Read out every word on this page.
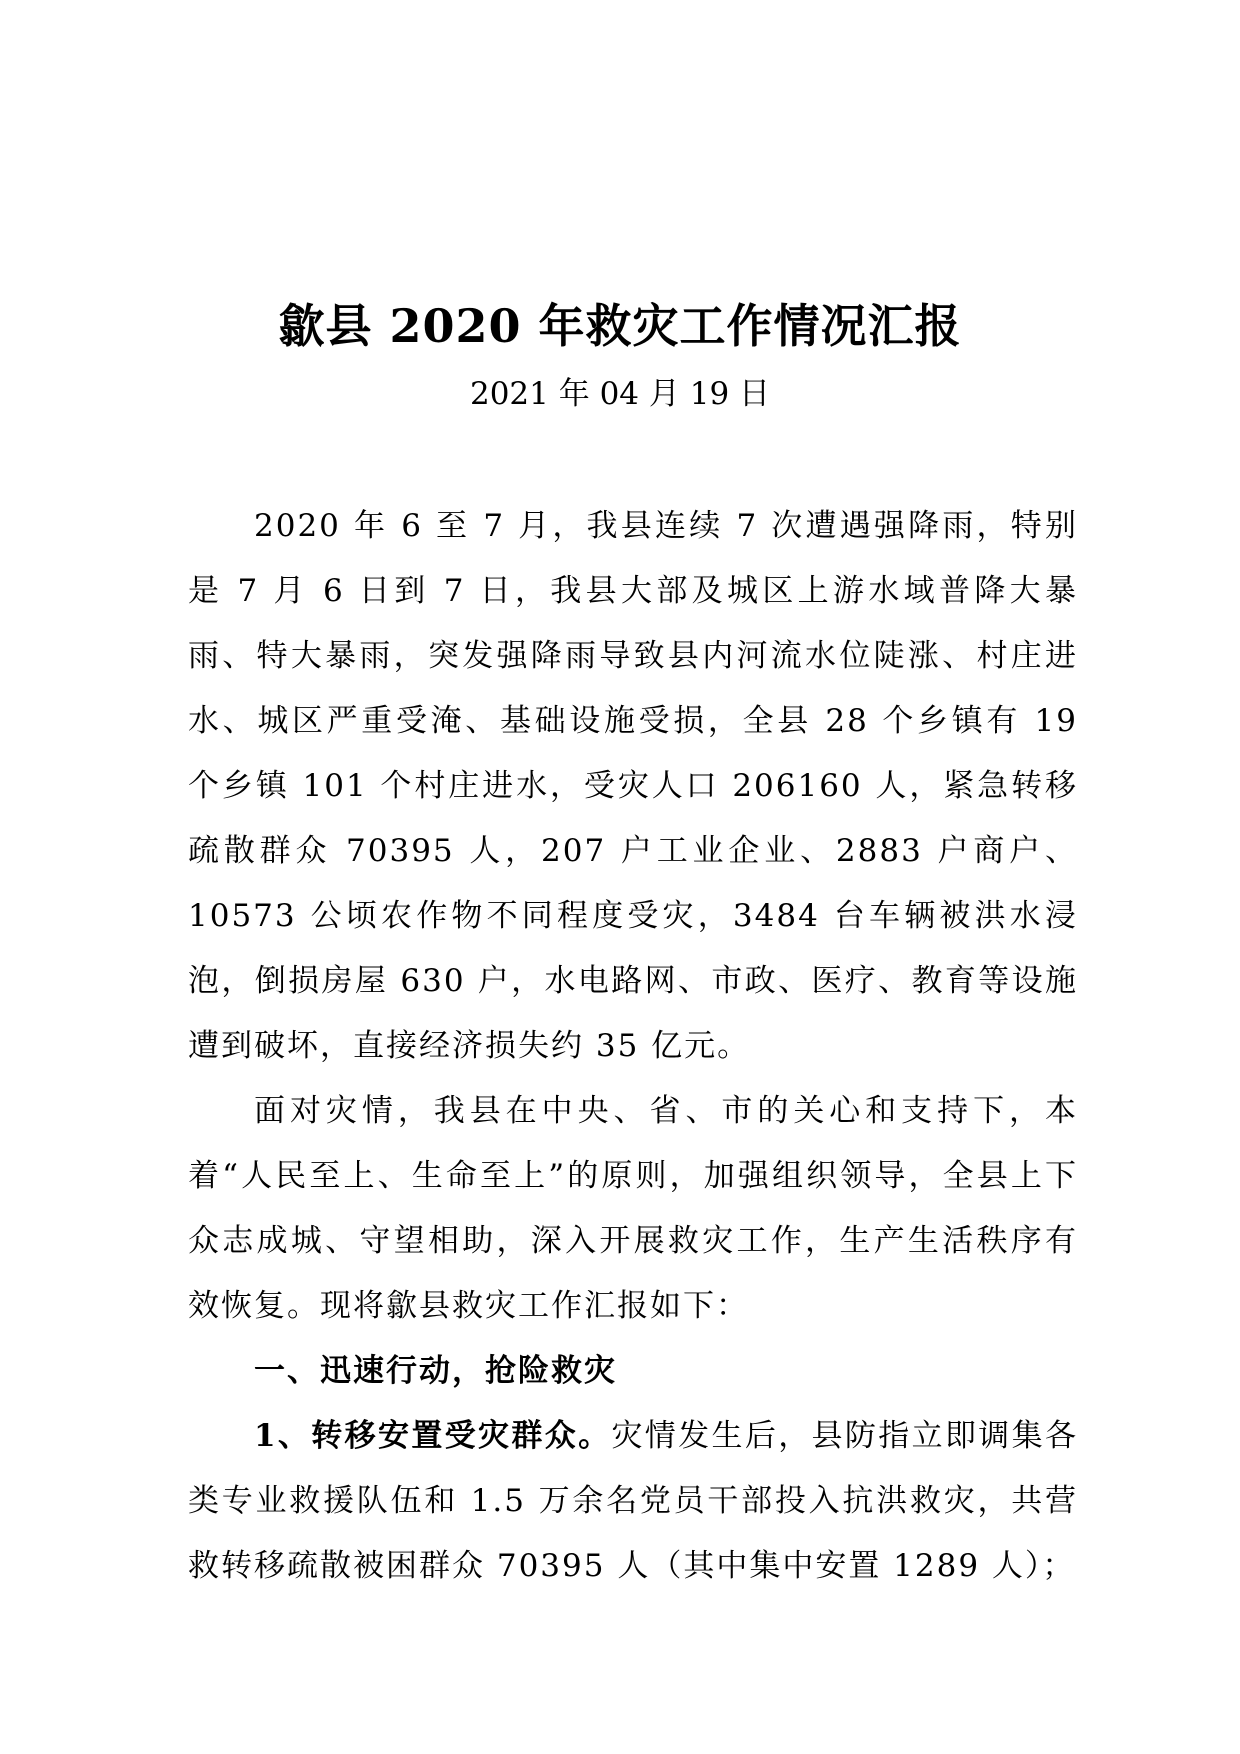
歙县 2020 年救灾工作情况汇报
2021 年 04 月 19 日

2020 年 6 至 7 月，我县连续 7 次遭遇强降雨，特别是 7 月 6 日到 7 日，我县大部及城区上游水域普降大暴雨、特大暴雨，突发强降雨导致县内河流水位陡涨、村庄进水、城区严重受淹、基础设施受损，全县 28 个乡镇有 19 个乡镇 101 个村庄进水，受灾人口 206160 人，紧急转移疏散群众 70395 人，207 户工业企业、2883 户商户、10573 公顷农作物不同程度受灾，3484 台车辆被洪水浸泡，倒损房屋 630 户，水电路网、市政、医疗、教育等设施遭到破坏，直接经济损失约 35 亿元。

面对灾情，我县在中央、省、市的关心和支持下，本着“人民至上、生命至上”的原则，加强组织领导，全县上下众志成城、守望相助，深入开展救灾工作，生产生活秩序有效恢复。现将歙县救灾工作汇报如下：

一、迅速行动，抢险救灾

1、转移安置受灾群众。灾情发生后，县防指立即调集各类专业救援队伍和 1.5 万余名党员干部投入抗洪救灾，共营救转移疏散被困群众 70395 人（其中集中安置 1289 人）；
